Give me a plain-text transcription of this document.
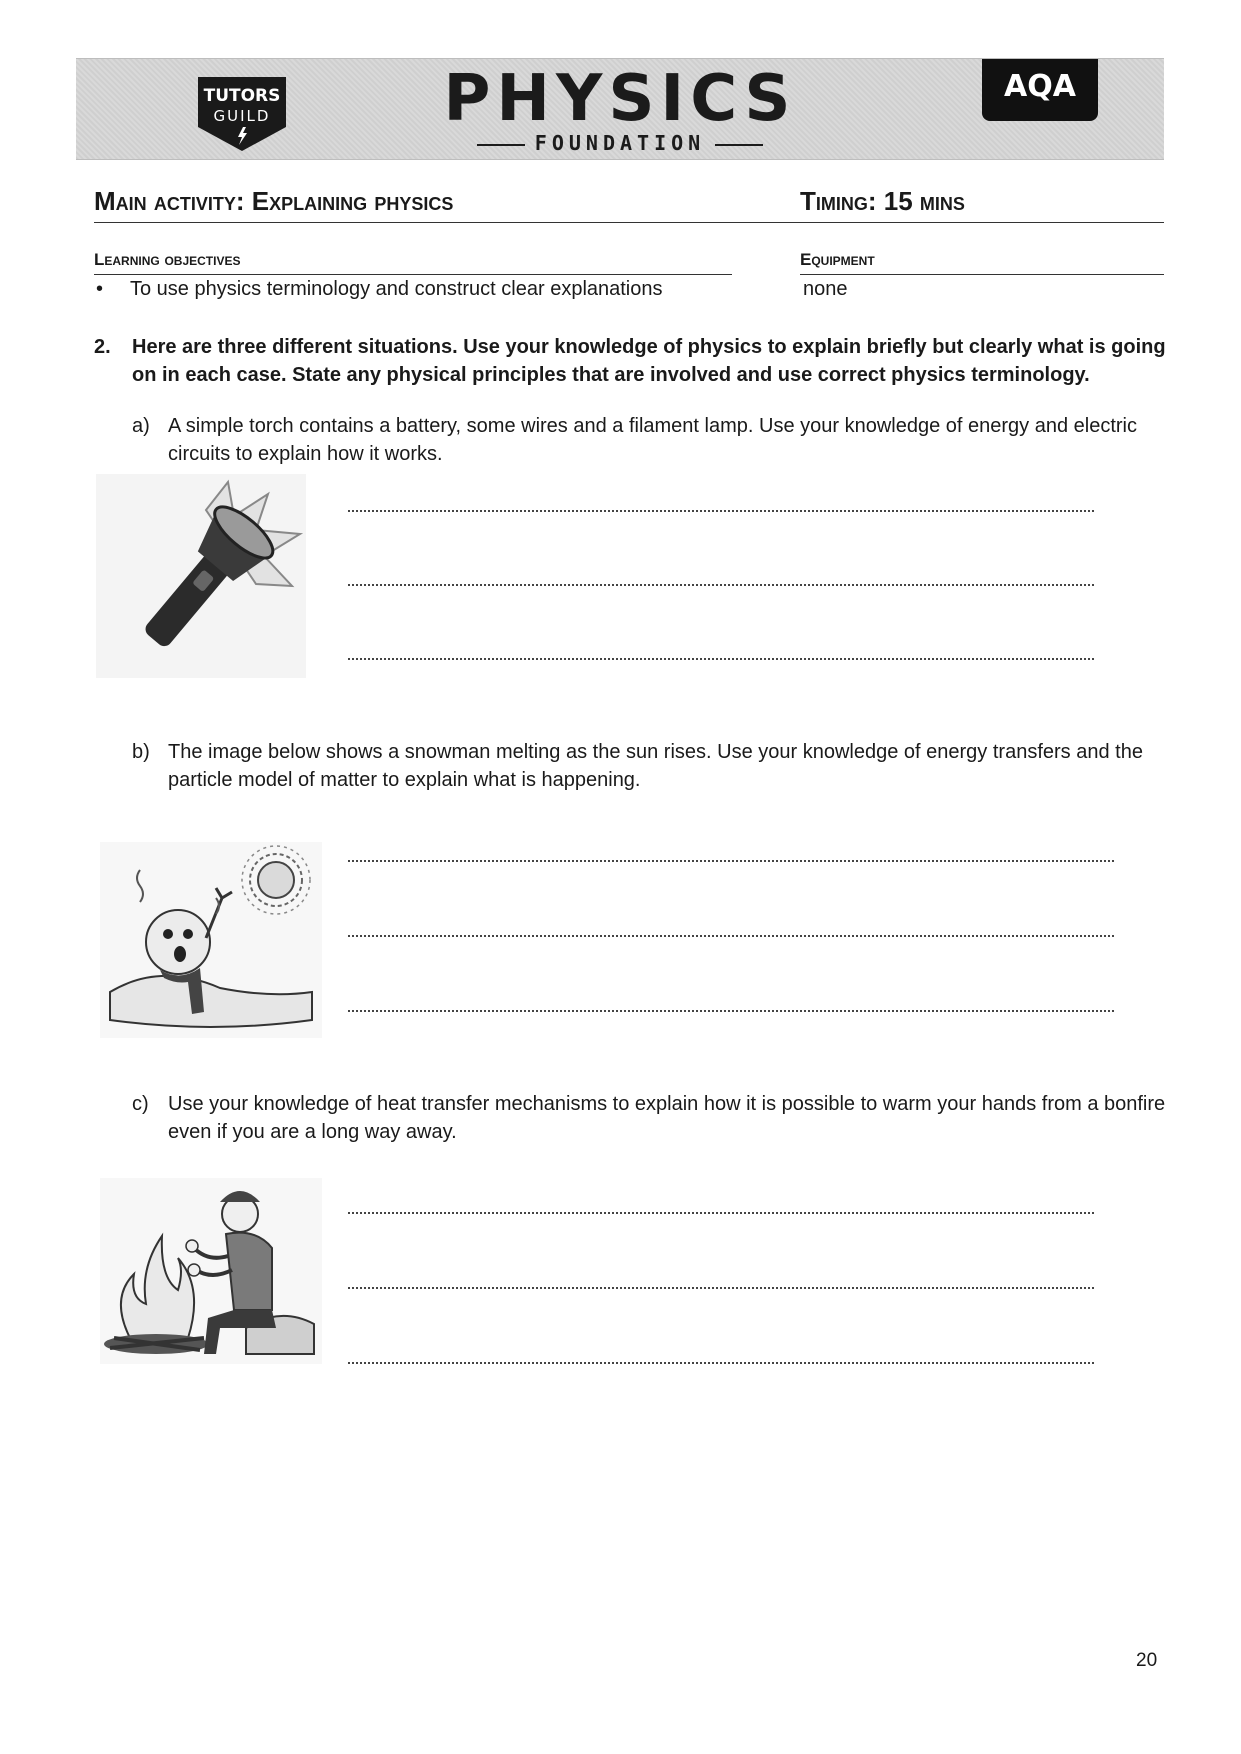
TUTORS
GUILD	PHYSICS
FOUNDATION
AQA
Main activity: Explaining physics	Timing: 15 mins
Learning objectives	Equipment
• To use physics terminology and construct clear explanations	none
2. Here are three different situations. Use your knowledge of physics to explain briefly but clearly what is going on in each case. State any physical principles that are involved and use correct physics terminology.
a) A simple torch contains a battery, some wires and a filament lamp. Use your knowledge of energy and electric circuits to explain how it works.
b) The image below shows a snowman melting as the sun rises. Use your knowledge of energy transfers and the particle model of matter to explain what is happening.
c) Use your knowledge of heat transfer mechanisms to explain how it is possible to warm your hands from a bonfire even if you are a long way away.
20
